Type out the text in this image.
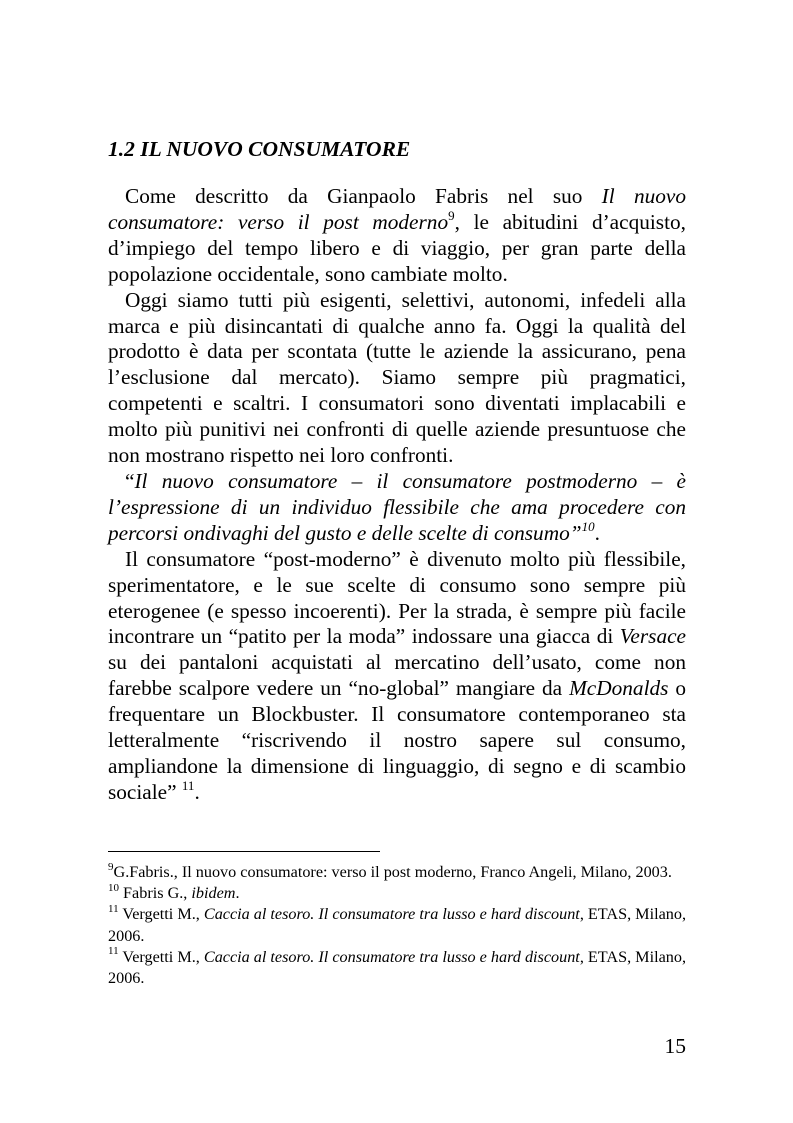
1.2 IL NUOVO CONSUMATORE

Come descritto da Gianpaolo Fabris nel suo Il nuovo consumatore: verso il post moderno$^9$, le abitudini d’acquisto, d’impiego del tempo libero e di viaggio, per gran parte della popolazione occidentale, sono cambiate molto.

Oggi siamo tutti più esigenti, selettivi, autonomi, infedeli alla marca e più disincantati di qualche anno fa. Oggi la qualità del prodotto è data per scontata (tutte le aziende la assicurano, pena l’esclusione dal mercato). Siamo sempre più pragmatici, competenti e scaltri. I consumatori sono diventati implacabili e molto più punitivi nei confronti di quelle aziende presuntuose che non mostrano rispetto nei loro confronti.

“Il nuovo consumatore – il consumatore postmoderno – è l’espressione di un individuo flessibile che ama procedere con percorsi ondivaghi del gusto e delle scelte di consumo”$^{10}$.

Il consumatore “post-moderno” è divenuto molto più flessibile, sperimentatore, e le sue scelte di consumo sono sempre più eterogenee (e spesso incoerenti). Per la strada, è sempre più facile incontrare un “patito per la moda” indossare una giacca di Versace su dei pantaloni acquistati al mercatino dell’usato, come non farebbe scalpore vedere un “no-global” mangiare da McDonalds o frequentare un Blockbuster. Il consumatore contemporaneo sta letteralmente “riscrivendo il nostro sapere sul consumo, ampliandone la dimensione di linguaggio, di segno e di scambio sociale” $^{11}$.

$^9$G.Fabris., Il nuovo consumatore: verso il post moderno, Franco Angeli, Milano, 2003.

$^{10}$ Fabris G., ibidem.

$^{11}$ Vergetti M., Caccia al tesoro. Il consumatore tra lusso e hard discount, ETAS, Milano, 2006.

$^{11}$ Vergetti M., Caccia al tesoro. Il consumatore tra lusso e hard discount, ETAS, Milano, 2006.

15
